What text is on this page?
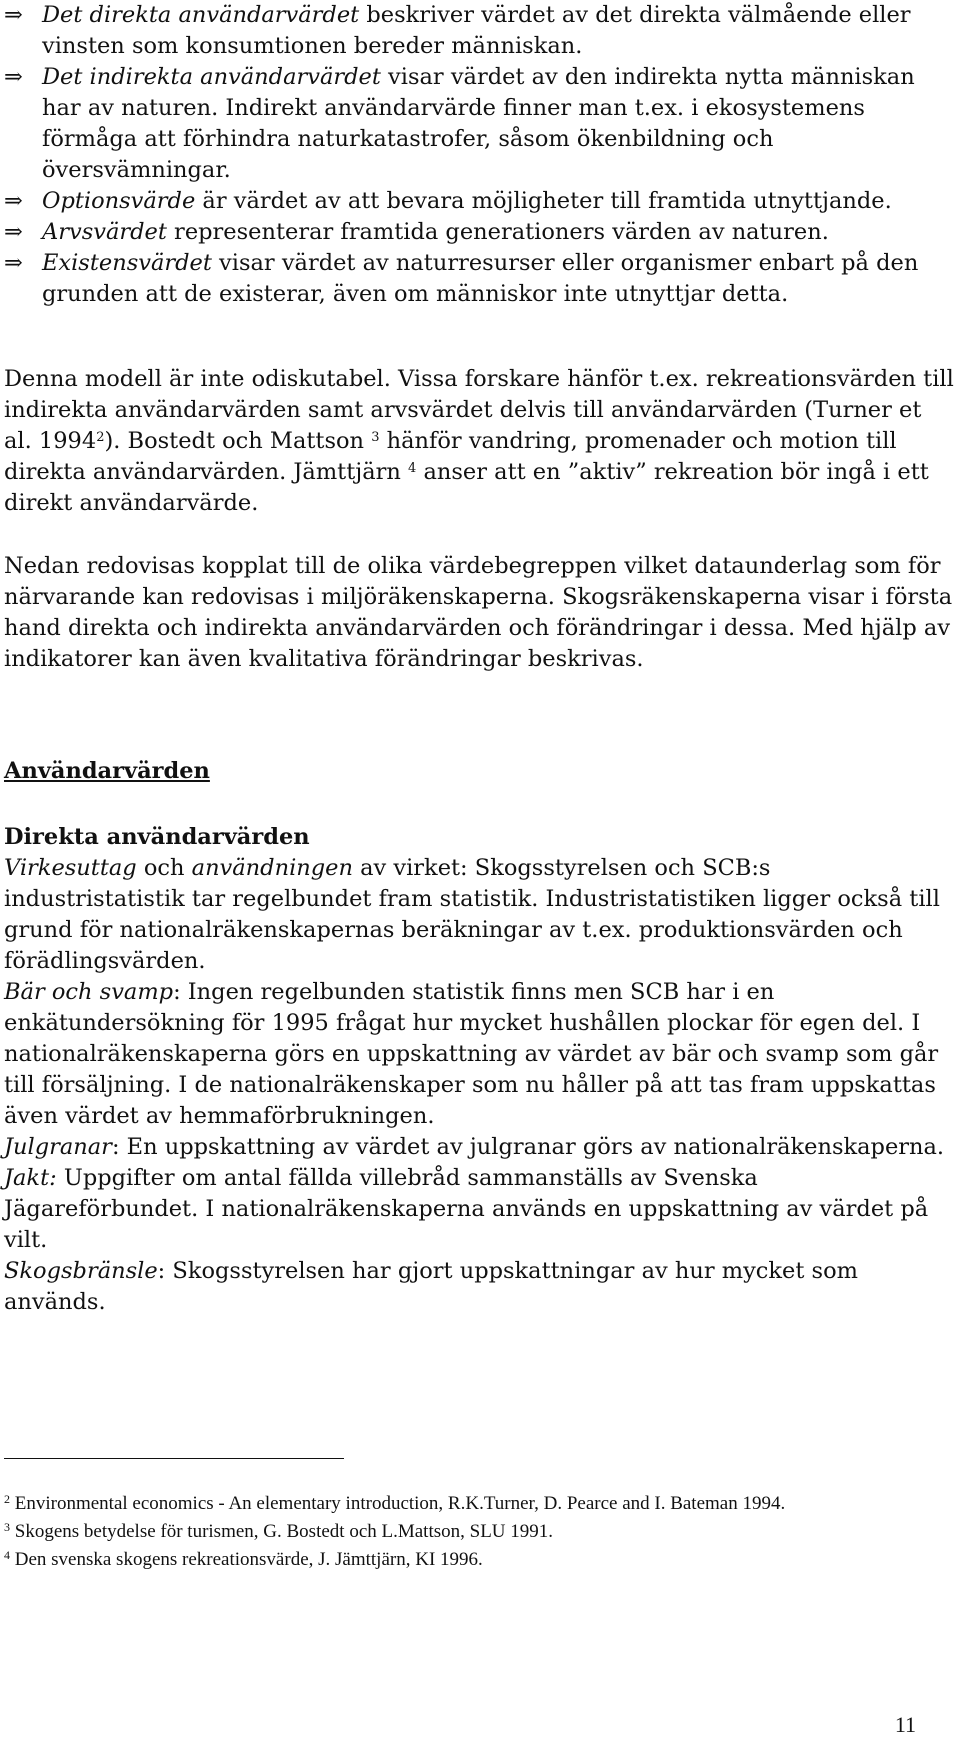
⇒ Det direkta användarvärdet beskriver värdet av det direkta välmående eller vinsten som konsumtionen bereder människan.
⇒ Det indirekta användarvärdet visar värdet av den indirekta nytta människan har av naturen. Indirekt användarvärde finner man t.ex. i ekosystemens förmåga att förhindra naturkatastrofer, såsom ökenbildning och översvämningar.
⇒ Optionsvärde är värdet av att bevara möjligheter till framtida utnyttjande.
⇒ Arvsvärdet representerar framtida generationers värden av naturen.
⇒ Existensvärdet visar värdet av naturresurser eller organismer enbart på den grunden att de existerar, även om människor inte utnyttjar detta.

Denna modell är inte odiskutabel. Vissa forskare hänför t.ex. rekreationsvärden till indirekta användarvärden samt arvsvärdet delvis till användarvärden (Turner et al. 1994$^2$). Bostedt och Mattson $^3$ hänför vandring, promenader och motion till direkta användarvärden. Jämttjärn $^4$ anser att en ”aktiv” rekreation bör ingå i ett direkt användarvärde.

Nedan redovisas kopplat till de olika värdebegreppen vilket dataunderlag som för närvarande kan redovisas i miljöräkenskaperna. Skogsräkenskaperna visar i första hand direkta och indirekta användarvärden och förändringar i dessa. Med hjälp av indikatorer kan även kvalitativa förändringar beskrivas.

Användarvärden
Direkta användarvärden
Virkesuttag och användningen av virket: Skogsstyrelsen och SCB:s industristatistik tar regelbundet fram statistik. Industristatistiken ligger också till grund för nationalräkenskapernas beräkningar av t.ex. produktionsvärden och förädlingsvärden.
Bär och svamp: Ingen regelbunden statistik finns men SCB har i en enkätundersökning för 1995 frågat hur mycket hushållen plockar för egen del. I nationalräkenskaperna görs en uppskattning av värdet av bär och svamp som går till försäljning. I de nationalräkenskaper som nu håller på att tas fram uppskattas även värdet av hemmaförbrukningen.
Julgranar: En uppskattning av värdet av julgranar görs av nationalräkenskaperna.
Jakt: Uppgifter om antal fällda villebråd sammanställs av Svenska Jägareförbundet. I nationalräkenskaperna används en uppskattning av värdet på vilt.
Skogsbränsle: Skogsstyrelsen har gjort uppskattningar av hur mycket som används.
$^2$ Environmental economics - An elementary introduction, R.K.Turner, D. Pearce and I. Bateman 1994.
$^3$ Skogens betydelse för turismen, G. Bostedt och L.Mattson, SLU 1991.
$^4$ Den svenska skogens rekreationsvärde, J. Jämttjärn, KI 1996.
11
